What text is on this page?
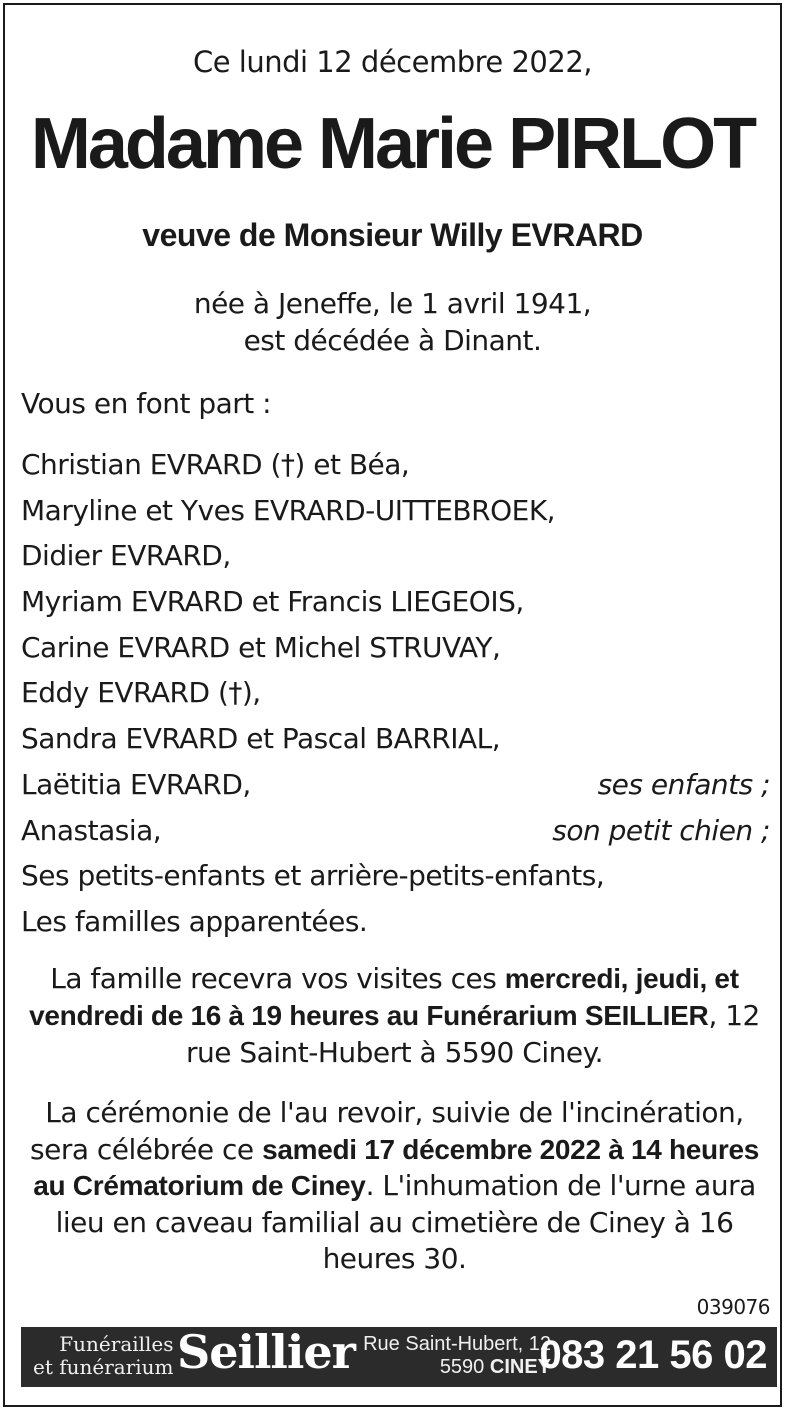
Ce lundi 12 décembre 2022,
Madame Marie PIRLOT
veuve de Monsieur Willy EVRARD
née à Jeneffe, le 1 avril 1941,
est décédée à Dinant.
Vous en font part :
Christian EVRARD (†) et Béa,
Maryline et Yves EVRARD-UITTEBROEK,
Didier EVRARD,
Myriam EVRARD et Francis LIEGEOIS,
Carine EVRARD et Michel STRUVAY,
Eddy EVRARD (†),
Sandra EVRARD et Pascal BARRIAL,
Laëtitia EVRARD,	ses enfants ;
Anastasia,	son petit chien ;
Ses petits-enfants et arrière-petits-enfants,
Les familles apparentées.
La famille recevra vos visites ces mercredi, jeudi, et vendredi de 16 à 19 heures au Funérarium SEILLIER, 12 rue Saint-Hubert à 5590 Ciney.
La cérémonie de l'au revoir, suivie de l'incinération, sera célébrée ce samedi 17 décembre 2022 à 14 heures au Crématorium de Ciney. L'inhumation de l'urne aura lieu en caveau familial au cimetière de Ciney à 16 heures 30.
039076
Funérailles
et funérarium Seillier Rue Saint-Hubert, 12
5590 CINEY
083 21 56 02
